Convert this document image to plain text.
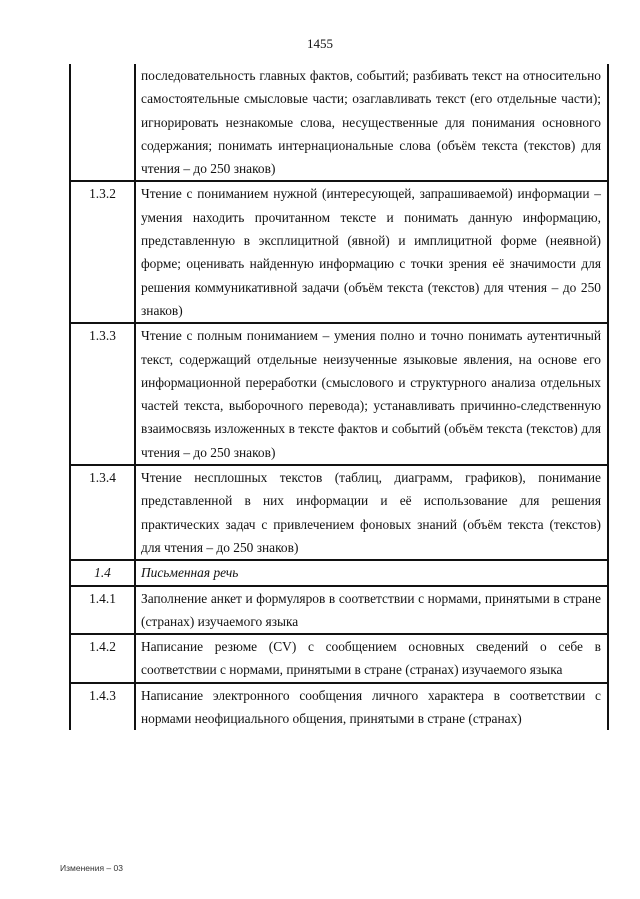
1455
	последовательность главных фактов, событий; разбивать текст на относительно самостоятельные смысловые части; озаглавливать текст (его отдельные части); игнорировать незнакомые слова, несущественные для понимания основного содержания; понимать интернациональные слова (объём текста (текстов) для чтения – до 250 знаков)
1.3.2	Чтение с пониманием нужной (интересующей, запрашиваемой) информации – умения находить прочитанном тексте и понимать данную информацию, представленную в эксплицитной (явной) и имплицитной форме (неявной) форме; оценивать найденную информацию с точки зрения её значимости для решения коммуникативной задачи (объём текста (текстов) для чтения – до 250 знаков)
1.3.3	Чтение с полным пониманием – умения полно и точно понимать аутентичный текст, содержащий отдельные неизученные языковые явления, на основе его информационной переработки (смыслового и структурного анализа отдельных частей текста, выборочного перевода); устанавливать причинно-следственную взаимосвязь изложенных в тексте фактов и событий (объём текста (текстов) для чтения – до 250 знаков)
1.3.4	Чтение несплошных текстов (таблиц, диаграмм, графиков), понимание представленной в них информации и её использование для решения практических задач с привлечением фоновых знаний (объём текста (текстов) для чтения – до 250 знаков)
1.4	Письменная речь
1.4.1	Заполнение анкет и формуляров в соответствии с нормами, принятыми в стране (странах) изучаемого языка
1.4.2	Написание резюме (CV) с сообщением основных сведений о себе в соответствии с нормами, принятыми в стране (странах) изучаемого языка
1.4.3	Написание электронного сообщения личного характера в соответствии с нормами неофициального общения, принятыми в стране (странах)
Изменения – 03
